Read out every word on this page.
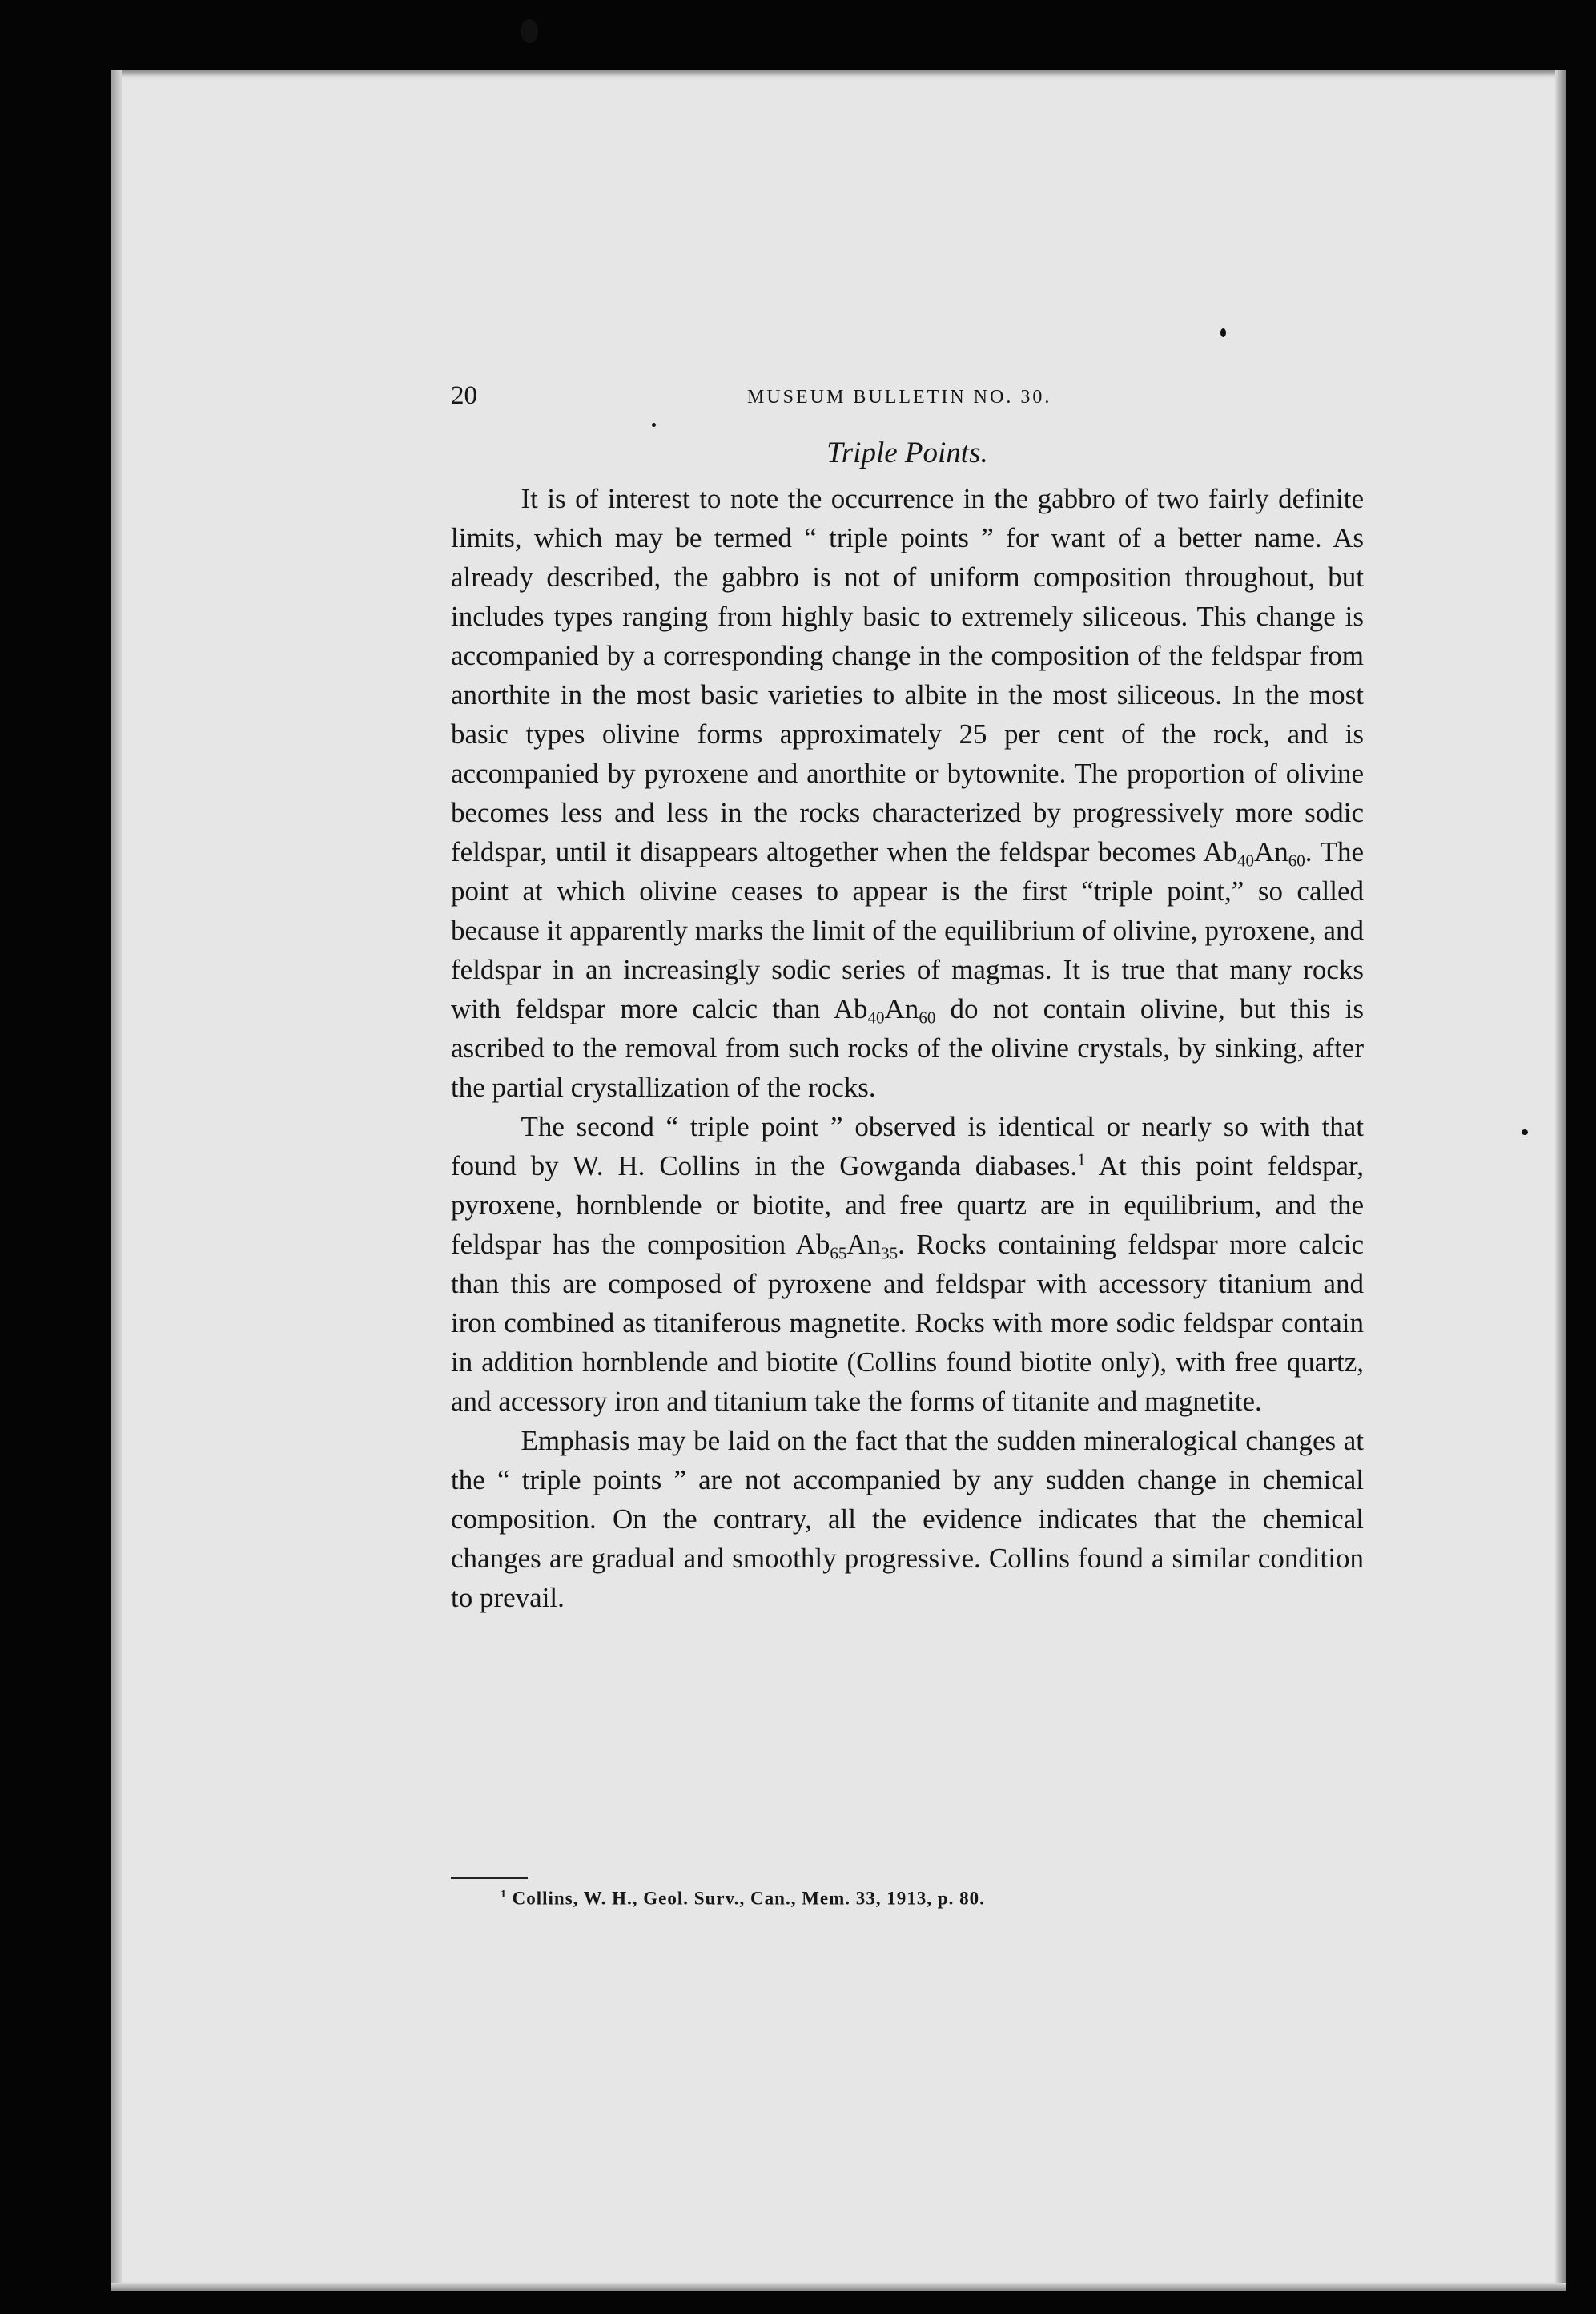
20	MUSEUM BULLETIN NO. 30.
Triple Points.

It is of interest to note the occurrence in the gabbro of two fairly definite limits, which may be termed “ triple points ” for want of a better name. As already described, the gabbro is not of uniform composition throughout, but includes types ranging from highly basic to extremely siliceous. This change is accompanied by a corresponding change in the composition of the feldspar from anorthite in the most basic varieties to albite in the most siliceous. In the most basic types olivine forms approximately 25 per cent of the rock, and is accompanied by pyroxene and anorthite or bytownite. The proportion of olivine becomes less and less in the rocks characterized by progressively more sodic feldspar, until it disappears altogether when the feldspar becomes $Ab_{40}An_{60}$. The point at which olivine ceases to appear is the first “triple point,” so called because it apparently marks the limit of the equilibrium of olivine, pyroxene, and feldspar in an increasingly sodic series of magmas. It is true that many rocks with feldspar more calcic than $Ab_{40}An_{60}$ do not contain olivine, but this is ascribed to the removal from such rocks of the olivine crystals, by sinking, after the partial crystallization of the rocks.

The second “ triple point ” observed is identical or nearly so with that found by W. H. Collins in the Gowganda diabases.$^1$ At this point feldspar, pyroxene, hornblende or biotite, and free quartz are in equilibrium, and the feldspar has the composition $Ab_{65}An_{35}$. Rocks containing feldspar more calcic than this are composed of pyroxene and feldspar with accessory titanium and iron combined as titaniferous magnetite. Rocks with more sodic feldspar contain in addition hornblende and biotite (Collins found biotite only), with free quartz, and accessory iron and titanium take the forms of titanite and magnetite.

Emphasis may be laid on the fact that the sudden mineralogical changes at the “ triple points ” are not accompanied by any sudden change in chemical composition. On the contrary, all the evidence indicates that the chemical changes are gradual and smoothly progressive. Collins found a similar condition to prevail.

$^1$ Collins, W. H., Geol. Surv., Can., Mem. 33, 1913, p. 80.
